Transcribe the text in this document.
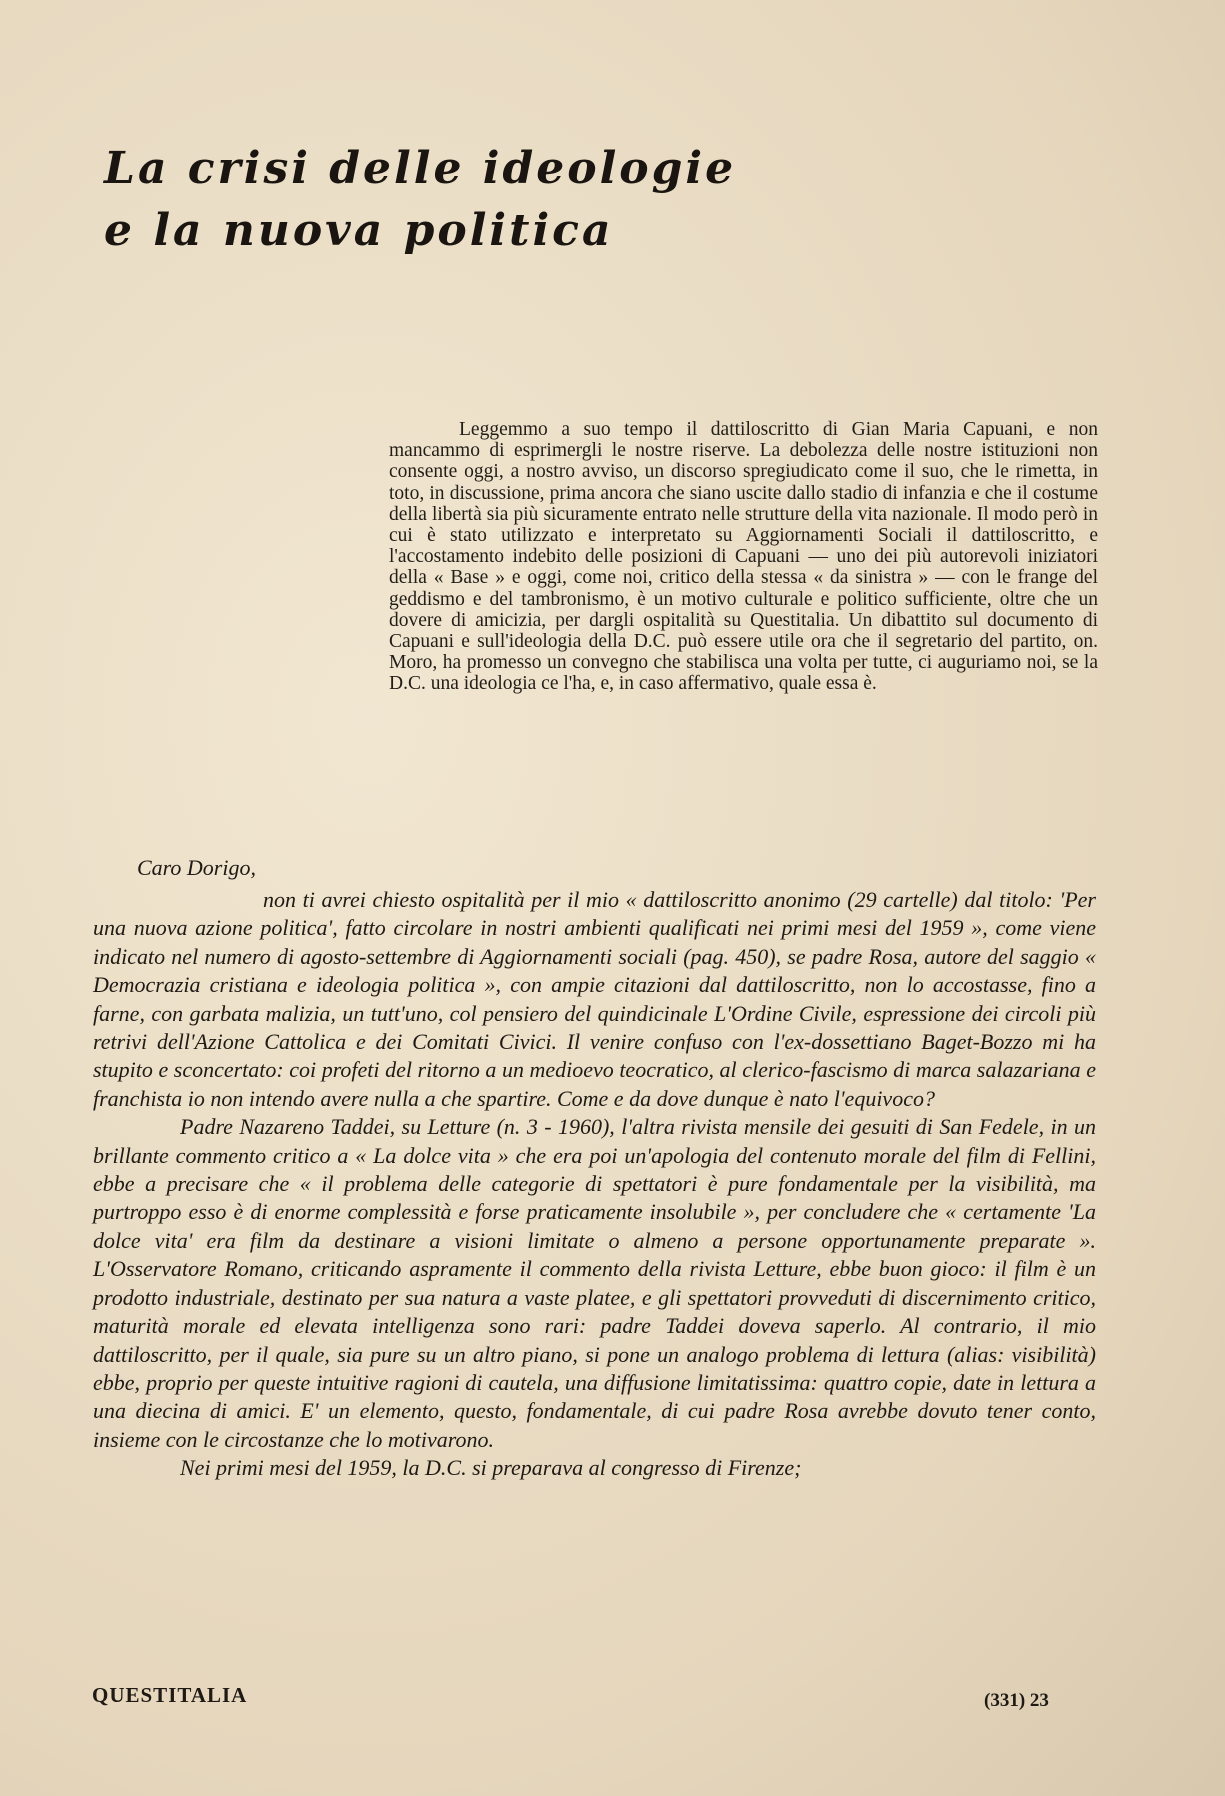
La crisi delle ideologie
e la nuova politica

Leggemmo a suo tempo il dattiloscritto di Gian Maria Capuani, e non mancammo di esprimergli le nostre riserve. La debolezza delle nostre istituzioni non consente oggi, a nostro avviso, un discorso spregiudicato come il suo, che le rimetta, in toto, in discussione, prima ancora che siano uscite dallo stadio di infanzia e che il costume della libertà sia più sicuramente entrato nelle strutture della vita nazionale. Il modo però in cui è stato utilizzato e interpretato su Aggiornamenti Sociali il dattiloscritto, e l'accostamento indebito delle posizioni di Capuani — uno dei più autorevoli iniziatori della « Base » e oggi, come noi, critico della stessa « da sinistra » — con le frange del geddismo e del tambronismo, è un motivo culturale e politico sufficiente, oltre che un dovere di amicizia, per dargli ospitalità su Questitalia. Un dibattito sul documento di Capuani e sull'ideologia della D.C. può essere utile ora che il segretario del partito, on. Moro, ha promesso un convegno che stabilisca una volta per tutte, ci auguriamo noi, se la D.C. una ideologia ce l'ha, e, in caso affermativo, quale essa è.

Caro Dorigo,

non ti avrei chiesto ospitalità per il mio « dattiloscritto anonimo (29 cartelle) dal titolo: 'Per una nuova azione politica', fatto circolare in nostri ambienti qualificati nei primi mesi del 1959 », come viene indicato nel numero di agosto-settembre di Aggiornamenti sociali (pag. 450), se padre Rosa, autore del saggio « Democrazia cristiana e ideologia politica », con ampie citazioni dal dattiloscritto, non lo accostasse, fino a farne, con garbata malizia, un tutt'uno, col pensiero del quindicinale L'Ordine Civile, espressione dei circoli più retrivi dell'Azione Cattolica e dei Comitati Civici. Il venire confuso con l'ex-dossettiano Baget-Bozzo mi ha stupito e sconcertato: coi profeti del ritorno a un medioevo teocratico, al clerico-fascismo di marca salazariana e franchista io non intendo avere nulla a che spartire. Come e da dove dunque è nato l'equivoco?

Padre Nazareno Taddei, su Letture (n. 3 - 1960), l'altra rivista mensile dei gesuiti di San Fedele, in un brillante commento critico a « La dolce vita » che era poi un'apologia del contenuto morale del film di Fellini, ebbe a precisare che « il problema delle categorie di spettatori è pure fondamentale per la visibilità, ma purtroppo esso è di enorme complessità e forse praticamente insolubile », per concludere che « certamente 'La dolce vita' era film da destinare a visioni limitate o almeno a persone opportunamente preparate ». L'Osservatore Romano, criticando aspramente il commento della rivista Letture, ebbe buon gioco: il film è un prodotto industriale, destinato per sua natura a vaste platee, e gli spettatori provveduti di discernimento critico, maturità morale ed elevata intelligenza sono rari: padre Taddei doveva saperlo. Al contrario, il mio dattiloscritto, per il quale, sia pure su un altro piano, si pone un analogo problema di lettura (alias: visibilità) ebbe, proprio per queste intuitive ragioni di cautela, una diffusione limitatissima: quattro copie, date in lettura a una diecina di amici. E' un elemento, questo, fondamentale, di cui padre Rosa avrebbe dovuto tener conto, insieme con le circostanze che lo motivarono.

Nei primi mesi del 1959, la D.C. si preparava al congresso di Firenze;

QUESTITALIA	(331) 23
